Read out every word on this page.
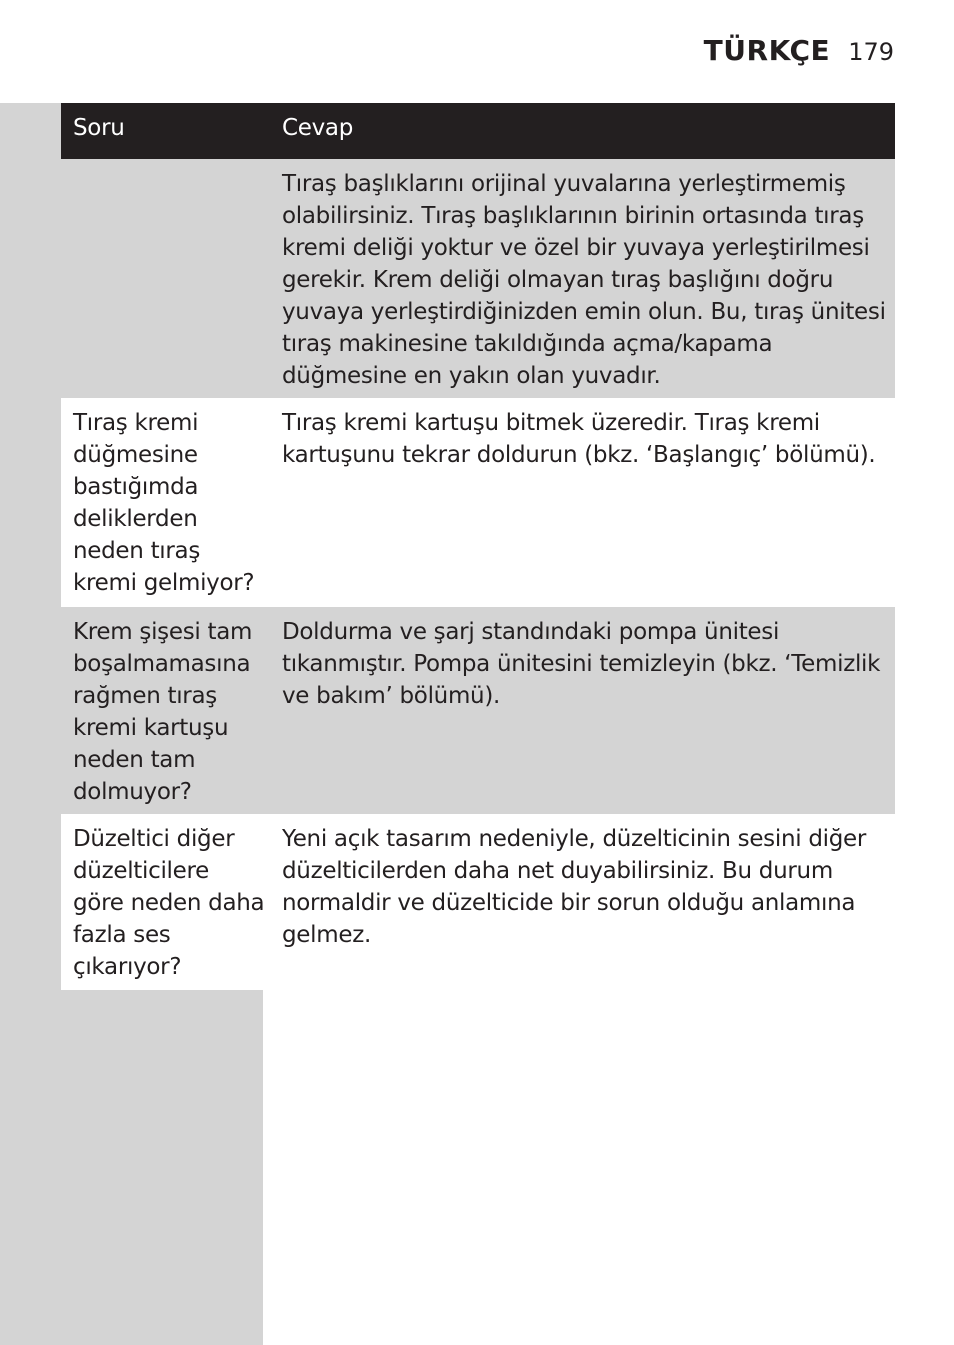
TÜRKÇE 179
Soru	Cevap
Tıraş başlıklarını orijinal yuvalarına yerleştirmemiş olabilirsiniz. Tıraş başlıklarının birinin ortasında tıraş kremi deliği yoktur ve özel bir yuvaya yerleştirilmesi gerekir. Krem deliği olmayan tıraş başlığını doğru yuvaya yerleştirdiğinizden emin olun. Bu, tıraş ünitesi tıraş makinesine takıldığında açma/kapama düğmesine en yakın olan yuvadır.
Tıraş kremi düğmesine bastığımda deliklerden neden tıraş kremi gelmiyor?
Tıraş kremi kartuşu bitmek üzeredir. Tıraş kremi kartuşunu tekrar doldurun (bkz. ‘Başlangıç’ bölümü).
Krem şişesi tam boşalmamasına rağmen tıraş kremi kartuşu neden tam dolmuyor?
Doldurma ve şarj standındaki pompa ünitesi tıkanmıştır. Pompa ünitesini temizleyin (bkz. ‘Temizlik ve bakım’ bölümü).
Düzeltici diğer düzelticilere göre neden daha fazla ses çıkarıyor?
Yeni açık tasarım nedeniyle, düzelticinin sesini diğer düzelticilerden daha net duyabilirsiniz. Bu durum normaldir ve düzelticide bir sorun olduğu anlamına gelmez.
